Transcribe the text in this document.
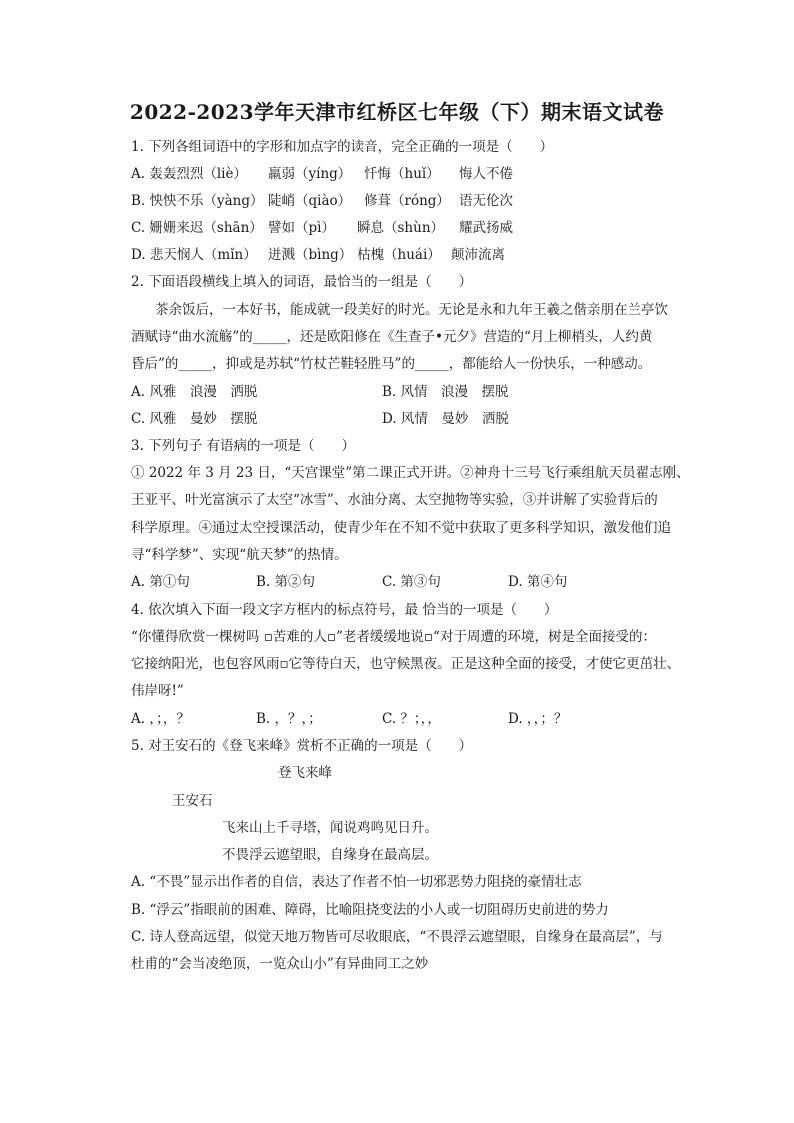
2022-2023学年天津市红桥区七年级（下）期末语文试卷
1. 下列各组词语中的字形和加点字的读音，完全正确的一项是（　　）
A. 轰轰烈烈（liè） 羸弱（yíng） 忏悔（huǐ） 悔人不倦
B. 怏怏不乐（yàng） 陡峭（qiào） 修葺（róng） 语无伦次
C. 姗姗来迟（shān） 譬如（pì） 瞬息（shùn） 耀武扬威
D. 悲天悯人（mǐn） 迸溅（bìng） 枯槐（huái） 颠沛流离
2. 下面语段横线上填入的词语，最恰当的一组是（　　）
茶余饭后，一本好书，能成就一段美好的时光。无论是永和九年王羲之偕亲朋在兰亭饮
酒赋诗“曲水流觞”的_____，还是欧阳修在《生查子•元夕》营造的“月上柳梢头，人约黄
昏后”的_____，抑或是苏轼“竹杖芒鞋轻胜马”的_____，都能给人一份快乐，一种感动。
A. 风雅　浪漫　洒脱	B. 风情　浪漫　摆脱
C. 风雅　曼妙　摆脱	D. 风情　曼妙　洒脱
3. 下列句子 有语病的一项是（　　）
① 2022 年 3 月 23 日，“天宫课堂”第二课正式开讲。②神舟十三号飞行乘组航天员翟志刚、
王亚平、叶光富演示了太空“冰雪”、水油分离、太空抛物等实验，③并讲解了实验背后的
科学原理。④通过太空授课活动，使青少年在不知不觉中获取了更多科学知识，激发他们追
寻“科学梦”、实现“航天梦”的热情。
A. 第①句	B. 第②句	C. 第③句	D. 第④句
4. 依次填入下面一段文字方框内的标点符号，最 恰当的一项是（　　）
“你懂得欣赏一棵树吗 ▫苦难的人▫”老者缓缓地说▫“对于周遭的环境，树是全面接受的：
它接纳阳光，也包容风雨▫它等待白天，也守候黑夜。正是这种全面的接受，才使它更茁壮、
伟岸呀!”
A. ，；，？	B. ，？，；	C. ？；，，	D. ，，；？
5. 对王安石的《登飞来峰》赏析不正确的一项是（　　）
登飞来峰
王安石
飞来山上千寻塔，闻说鸡鸣见日升。
不畏浮云遮望眼，自缘身在最高层。
A. “不畏”显示出作者的自信，表达了作者不怕一切邪恶势力阻挠的豪情壮志
B. “浮云”指眼前的困难、障碍，比喻阻挠变法的小人或一切阻碍历史前进的势力
C. 诗人登高远望，似觉天地万物皆可尽收眼底，“不畏浮云遮望眼，自缘身在最高层”，与
杜甫的“会当凌绝顶，一览众山小”有异曲同工之妙
